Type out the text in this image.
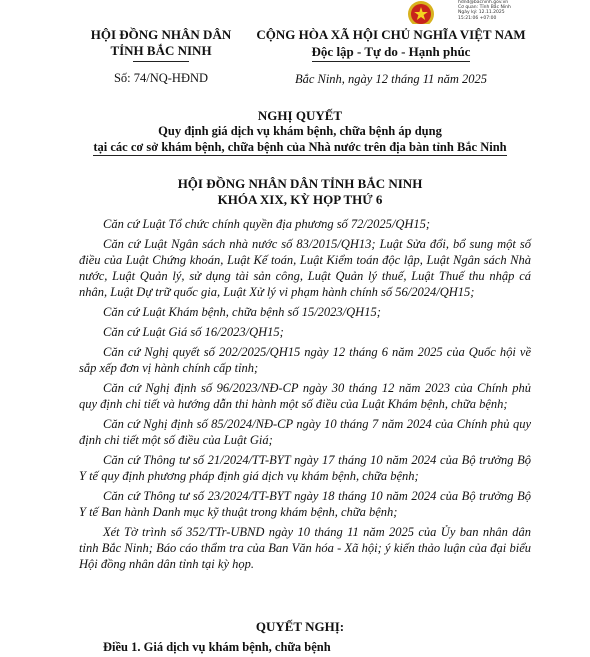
HỘI ĐỒNG NHÂN DÂN
TỈNH BẮC NINH
Số: 74/NQ-HĐND
hdnd@bacninh.gov.vn
Cơ quan: Tỉnh Bắc Ninh
Ngày ký: 12.11.2025
15:21:06 +07:00
CỘNG HÒA XÃ HỘI CHỦ NGHĨA VIỆT NAM
Độc lập - Tự do - Hạnh phúc
Bắc Ninh, ngày 12 tháng 11 năm 2025
NGHỊ QUYẾT
Quy định giá dịch vụ khám bệnh, chữa bệnh áp dụng
tại các cơ sở khám bệnh, chữa bệnh của Nhà nước trên địa bàn tỉnh Bắc Ninh
HỘI ĐỒNG NHÂN DÂN TỈNH BẮC NINH
KHÓA XIX, KỲ HỌP THỨ 6

Căn cứ Luật Tổ chức chính quyền địa phương số 72/2025/QH15;

Căn cứ Luật Ngân sách nhà nước số 83/2015/QH13; Luật Sửa đổi, bổ sung một số điều của Luật Chứng khoán, Luật Kế toán, Luật Kiểm toán độc lập, Luật Ngân sách Nhà nước, Luật Quản lý, sử dụng tài sản công, Luật Quản lý thuế, Luật Thuế thu nhập cá nhân, Luật Dự trữ quốc gia, Luật Xử lý vi phạm hành chính số 56/2024/QH15;

Căn cứ Luật Khám bệnh, chữa bệnh số 15/2023/QH15;

Căn cứ Luật Giá số 16/2023/QH15;

Căn cứ Nghị quyết số 202/2025/QH15 ngày 12 tháng 6 năm 2025 của Quốc hội về sắp xếp đơn vị hành chính cấp tỉnh;

Căn cứ Nghị định số 96/2023/NĐ-CP ngày 30 tháng 12 năm 2023 của Chính phủ quy định chi tiết và hướng dẫn thi hành một số điều của Luật Khám bệnh, chữa bệnh;

Căn cứ Nghị định số 85/2024/NĐ-CP ngày 10 tháng 7 năm 2024 của Chính phủ quy định chi tiết một số điều của Luật Giá;

Căn cứ Thông tư số 21/2024/TT-BYT ngày 17 tháng 10 năm 2024 của Bộ trưởng Bộ Y tế quy định phương pháp định giá dịch vụ khám bệnh, chữa bệnh;

Căn cứ Thông tư số 23/2024/TT-BYT ngày 18 tháng 10 năm 2024 của Bộ trưởng Bộ Y tế Ban hành Danh mục kỹ thuật trong khám bệnh, chữa bệnh;

Xét Tờ trình số 352/TTr-UBND ngày 10 tháng 11 năm 2025 của Ủy ban nhân dân tỉnh Bắc Ninh; Báo cáo thẩm tra của Ban Văn hóa - Xã hội; ý kiến thảo luận của đại biểu Hội đồng nhân dân tỉnh tại kỳ họp.

QUYẾT NGHỊ:
Điều 1. Giá dịch vụ khám bệnh, chữa bệnh
